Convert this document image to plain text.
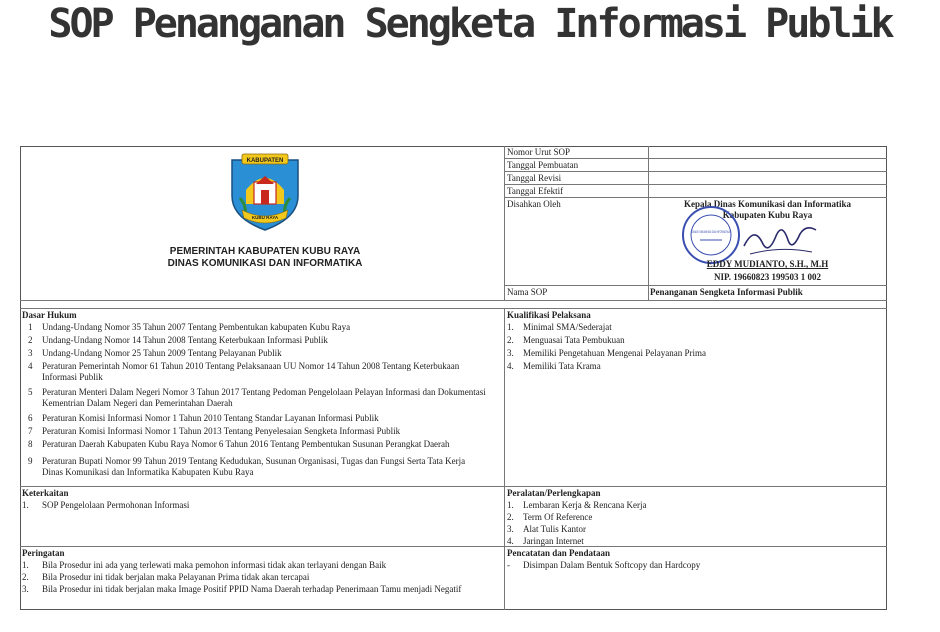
SOP Penanganan Sengketa Informasi Publik
KABUPATEN
KUBU RAYA
PEMERINTAH KABUPATEN KUBU RAYA
DINAS KOMUNIKASI DAN INFORMATIKA
Nomor Urut SOP
Tanggal Pembuatan
Tanggal Revisi
Tanggal Efektif
Disahkan Oleh
Nama SOP
Kepala Dinas Komunikasi dan Informatika
Kabupaten Kubu Raya
DINAS KOMUNIKASI DAN INFORMATIKA
EDDY MUDIANTO, S.H., M.H
NIP. 19660823 199503 1 002
Penanganan Sengketa Informasi Publik
Dasar Hukum
1 Undang-Undang Nomor 35 Tahun 2007 Tentang Pembentukan kabupaten Kubu Raya
2 Undang-Undang Nomor 14 Tahun 2008 Tentang Keterbukaan Informasi Publik
3 Undang-Undang Nomor 25 Tahun 2009 Tentang Pelayanan Publik
4 Peraturan Pemerintah Nomor 61 Tahun 2010 Tentang Pelaksanaan UU Nomor 14 Tahun 2008 Tentang Keterbukaan
Informasi Publik
5 Peraturan Menteri Dalam Negeri Nomor 3 Tahun 2017 Tentang Pedoman Pengelolaan Pelayan Informasi dan Dokumentasi
Kementrian Dalam Negeri dan Pemerintahan Daerah
6 Peraturan Komisi Informasi Nomor 1 Tahun 2010 Tentang Standar Layanan Informasi Publik
7 Peraturan Komisi Informasi Nomor 1 Tahun 2013 Tentang Penyelesaian Sengketa Informasi Publik
8 Peraturan Daerah Kabupaten Kubu Raya Nomor 6 Tahun 2016 Tentang Pembentukan Susunan Perangkat Daerah
9 Peraturan Bupati Nomor 99 Tahun 2019 Tentang Kedudukan, Susunan Organisasi, Tugas dan Fungsi Serta Tata Kerja
Dinas Komunikasi dan Informatika Kabupaten Kubu Raya
Kualifikasi Pelaksana
1. Minimal SMA/Sederajat
2. Menguasai Tata Pembukuan
3. Memiliki Pengetahuan Mengenai Pelayanan Prima
4. Memiliki Tata Krama
Keterkaitan
1. SOP Pengelolaan Permohonan Informasi
Peralatan/Perlengkapan
1. Lembaran Kerja & Rencana Kerja
2. Term Of Reference
3. Alat Tulis Kantor
4. Jaringan Internet
Peringatan
1. Bila Prosedur ini ada yang terlewati maka pemohon informasi tidak akan terlayani dengan Baik
2. Bila Prosedur ini tidak berjalan maka Pelayanan Prima tidak akan tercapai
3. Bila Prosedur ini tidak berjalan maka Image Positif PPID Nama Daerah terhadap Penerimaan Tamu menjadi Negatif
Pencatatan dan Pendataan
- Disimpan Dalam Bentuk Softcopy dan Hardcopy
